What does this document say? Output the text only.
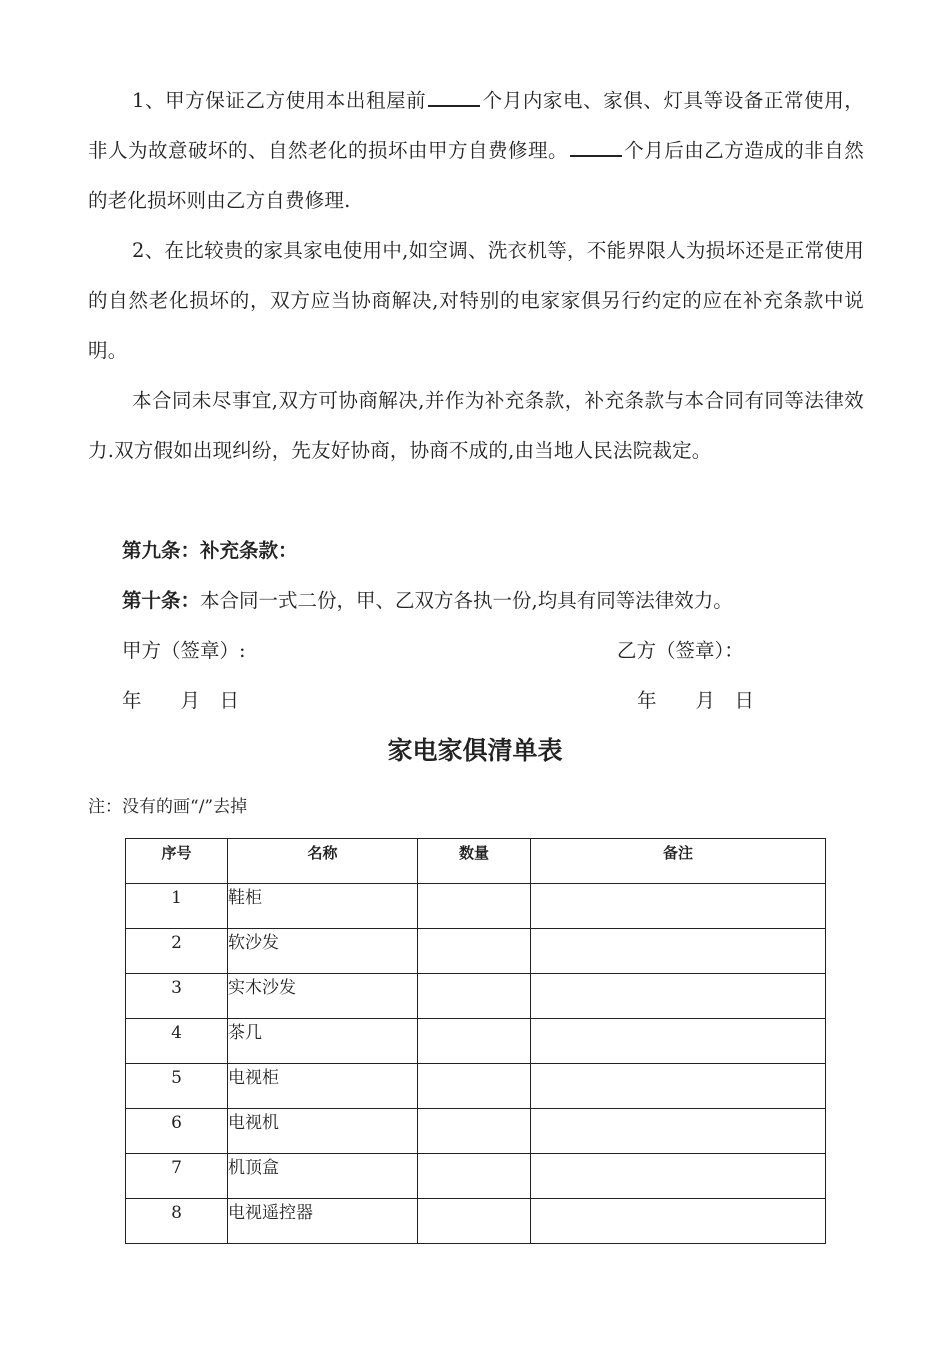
1、甲方保证乙方使用本出租屋前	个月内家电、家俱、灯具等设备正常使用，非人为故意破坏的、自然老化的损坏由甲方自费修理。	个月后由乙方造成的非自然的老化损坏则由乙方自费修理.

2、在比较贵的家具家电使用中,如空调、洗衣机等，不能界限人为损坏还是正常使用的自然老化损坏的，双方应当协商解决,对特别的电家家俱另行约定的应在补充条款中说明。

本合同未尽事宜,双方可协商解决,并作为补充条款，补充条款与本合同有同等法律效力.双方假如出现纠纷，先友好协商，协商不成的,由当地人民法院裁定。

第九条：补充条款：
第十条：本合同一式二份，甲、乙双方各执一份,均具有同等法律效力。
甲方（签章）:	乙方（签章）：
年　　月　日	年　　月　日
家电家俱清单表
注：没有的画“/”去掉
序号	名称	数量	备注
1	鞋柜		
2	软沙发		
3	实木沙发		
4	茶几		
5	电视柜		
6	电视机		
7	机顶盒		
8	电视遥控器		
